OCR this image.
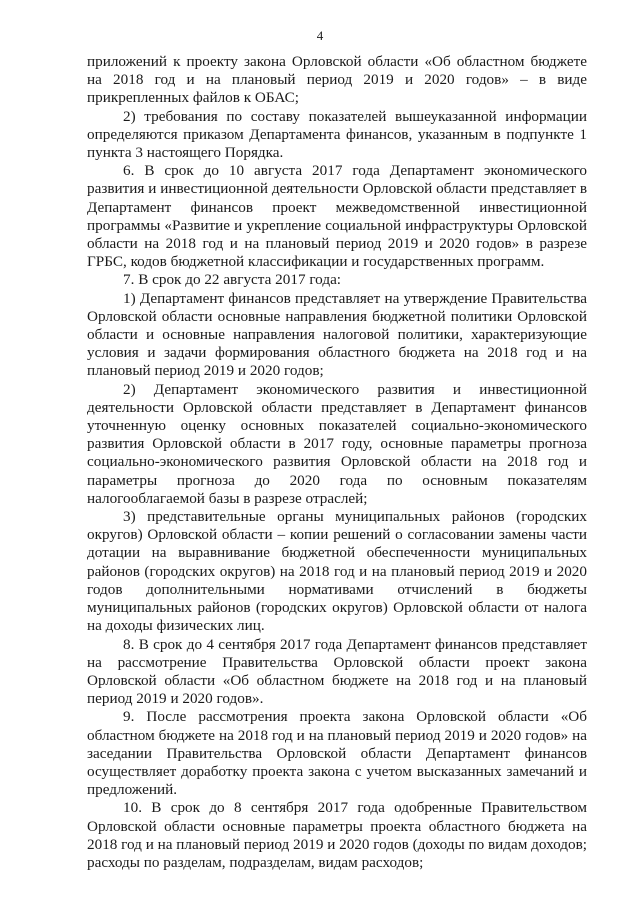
4

приложений к проекту закона Орловской области «Об областном бюджете на 2018 год и на плановый период 2019 и 2020 годов» – в виде прикрепленных файлов к ОБАС;

2) требования по составу показателей вышеуказанной информации определяются приказом Департамента финансов, указанным в подпункте 1 пункта 3 настоящего Порядка.

6. В срок до 10 августа 2017 года Департамент экономического развития и инвестиционной деятельности Орловской области представляет в Департамент финансов проект межведомственной инвестиционной программы «Развитие и укрепление социальной инфраструктуры Орловской области на 2018 год и на плановый период 2019 и 2020 годов» в разрезе ГРБС, кодов бюджетной классификации и государственных программ.

7. В срок до 22 августа 2017 года:

1) Департамент финансов представляет на утверждение Правительства Орловской области основные направления бюджетной политики Орловской области и основные направления налоговой политики, характеризующие условия и задачи формирования областного бюджета на 2018 год и на плановый период 2019 и 2020 годов;

2) Департамент экономического развития и инвестиционной деятельности Орловской области представляет в Департамент финансов уточненную оценку основных показателей социально-экономического развития Орловской области в 2017 году, основные параметры прогноза социально-экономического развития Орловской области на 2018 год и параметры прогноза до 2020 года по основным показателям налогооблагаемой базы в разрезе отраслей;

3) представительные органы муниципальных районов (городских округов) Орловской области – копии решений о согласовании замены части дотации на выравнивание бюджетной обеспеченности муниципальных районов (городских округов) на 2018 год и на плановый период 2019 и 2020 годов дополнительными нормативами отчислений в бюджеты муниципальных районов (городских округов) Орловской области от налога на доходы физических лиц.

8. В срок до 4 сентября 2017 года Департамент финансов представляет на рассмотрение Правительства Орловской области проект закона Орловской области «Об областном бюджете на 2018 год и на плановый период 2019 и 2020 годов».

9. После рассмотрения проекта закона Орловской области «Об областном бюджете на 2018 год и на плановый период 2019 и 2020 годов» на заседании Правительства Орловской области Департамент финансов осуществляет доработку проекта закона с учетом высказанных замечаний и предложений.

10. В срок до 8 сентября 2017 года одобренные Правительством Орловской области основные параметры проекта областного бюджета на 2018 год и на плановый период 2019 и 2020 годов (доходы по видам доходов; расходы по разделам, подразделам, видам расходов;
